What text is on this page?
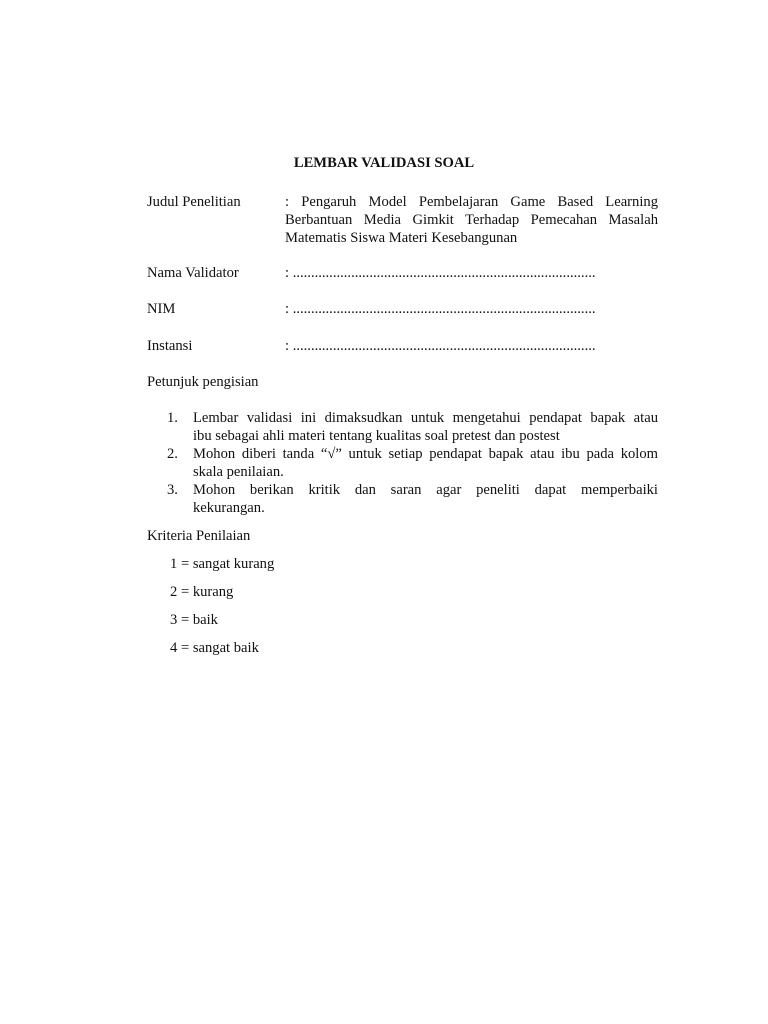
LEMBAR VALIDASI SOAL
Judul Penelitian	: Pengaruh Model Pembelajaran Game Based Learning
Berbantuan Media Gimkit Terhadap Pemecahan Masalah
Matematis Siswa Materi Kesebangunan
Nama Validator	: ...................................................................................
NIM	: ...................................................................................
Instansi	: ...................................................................................
Petunjuk pengisian
1.	Lembar validasi ini dimaksudkan untuk mengetahui pendapat bapak atau
ibu sebagai ahli materi tentang kualitas soal pretest dan postest
2.	Mohon diberi tanda “√” untuk setiap pendapat bapak atau ibu pada kolom
skala penilaian.
3.	Mohon berikan kritik dan saran agar peneliti dapat memperbaiki
kekurangan.
Kriteria Penilaian
1 = sangat kurang
2 = kurang
3 = baik
4 = sangat baik
